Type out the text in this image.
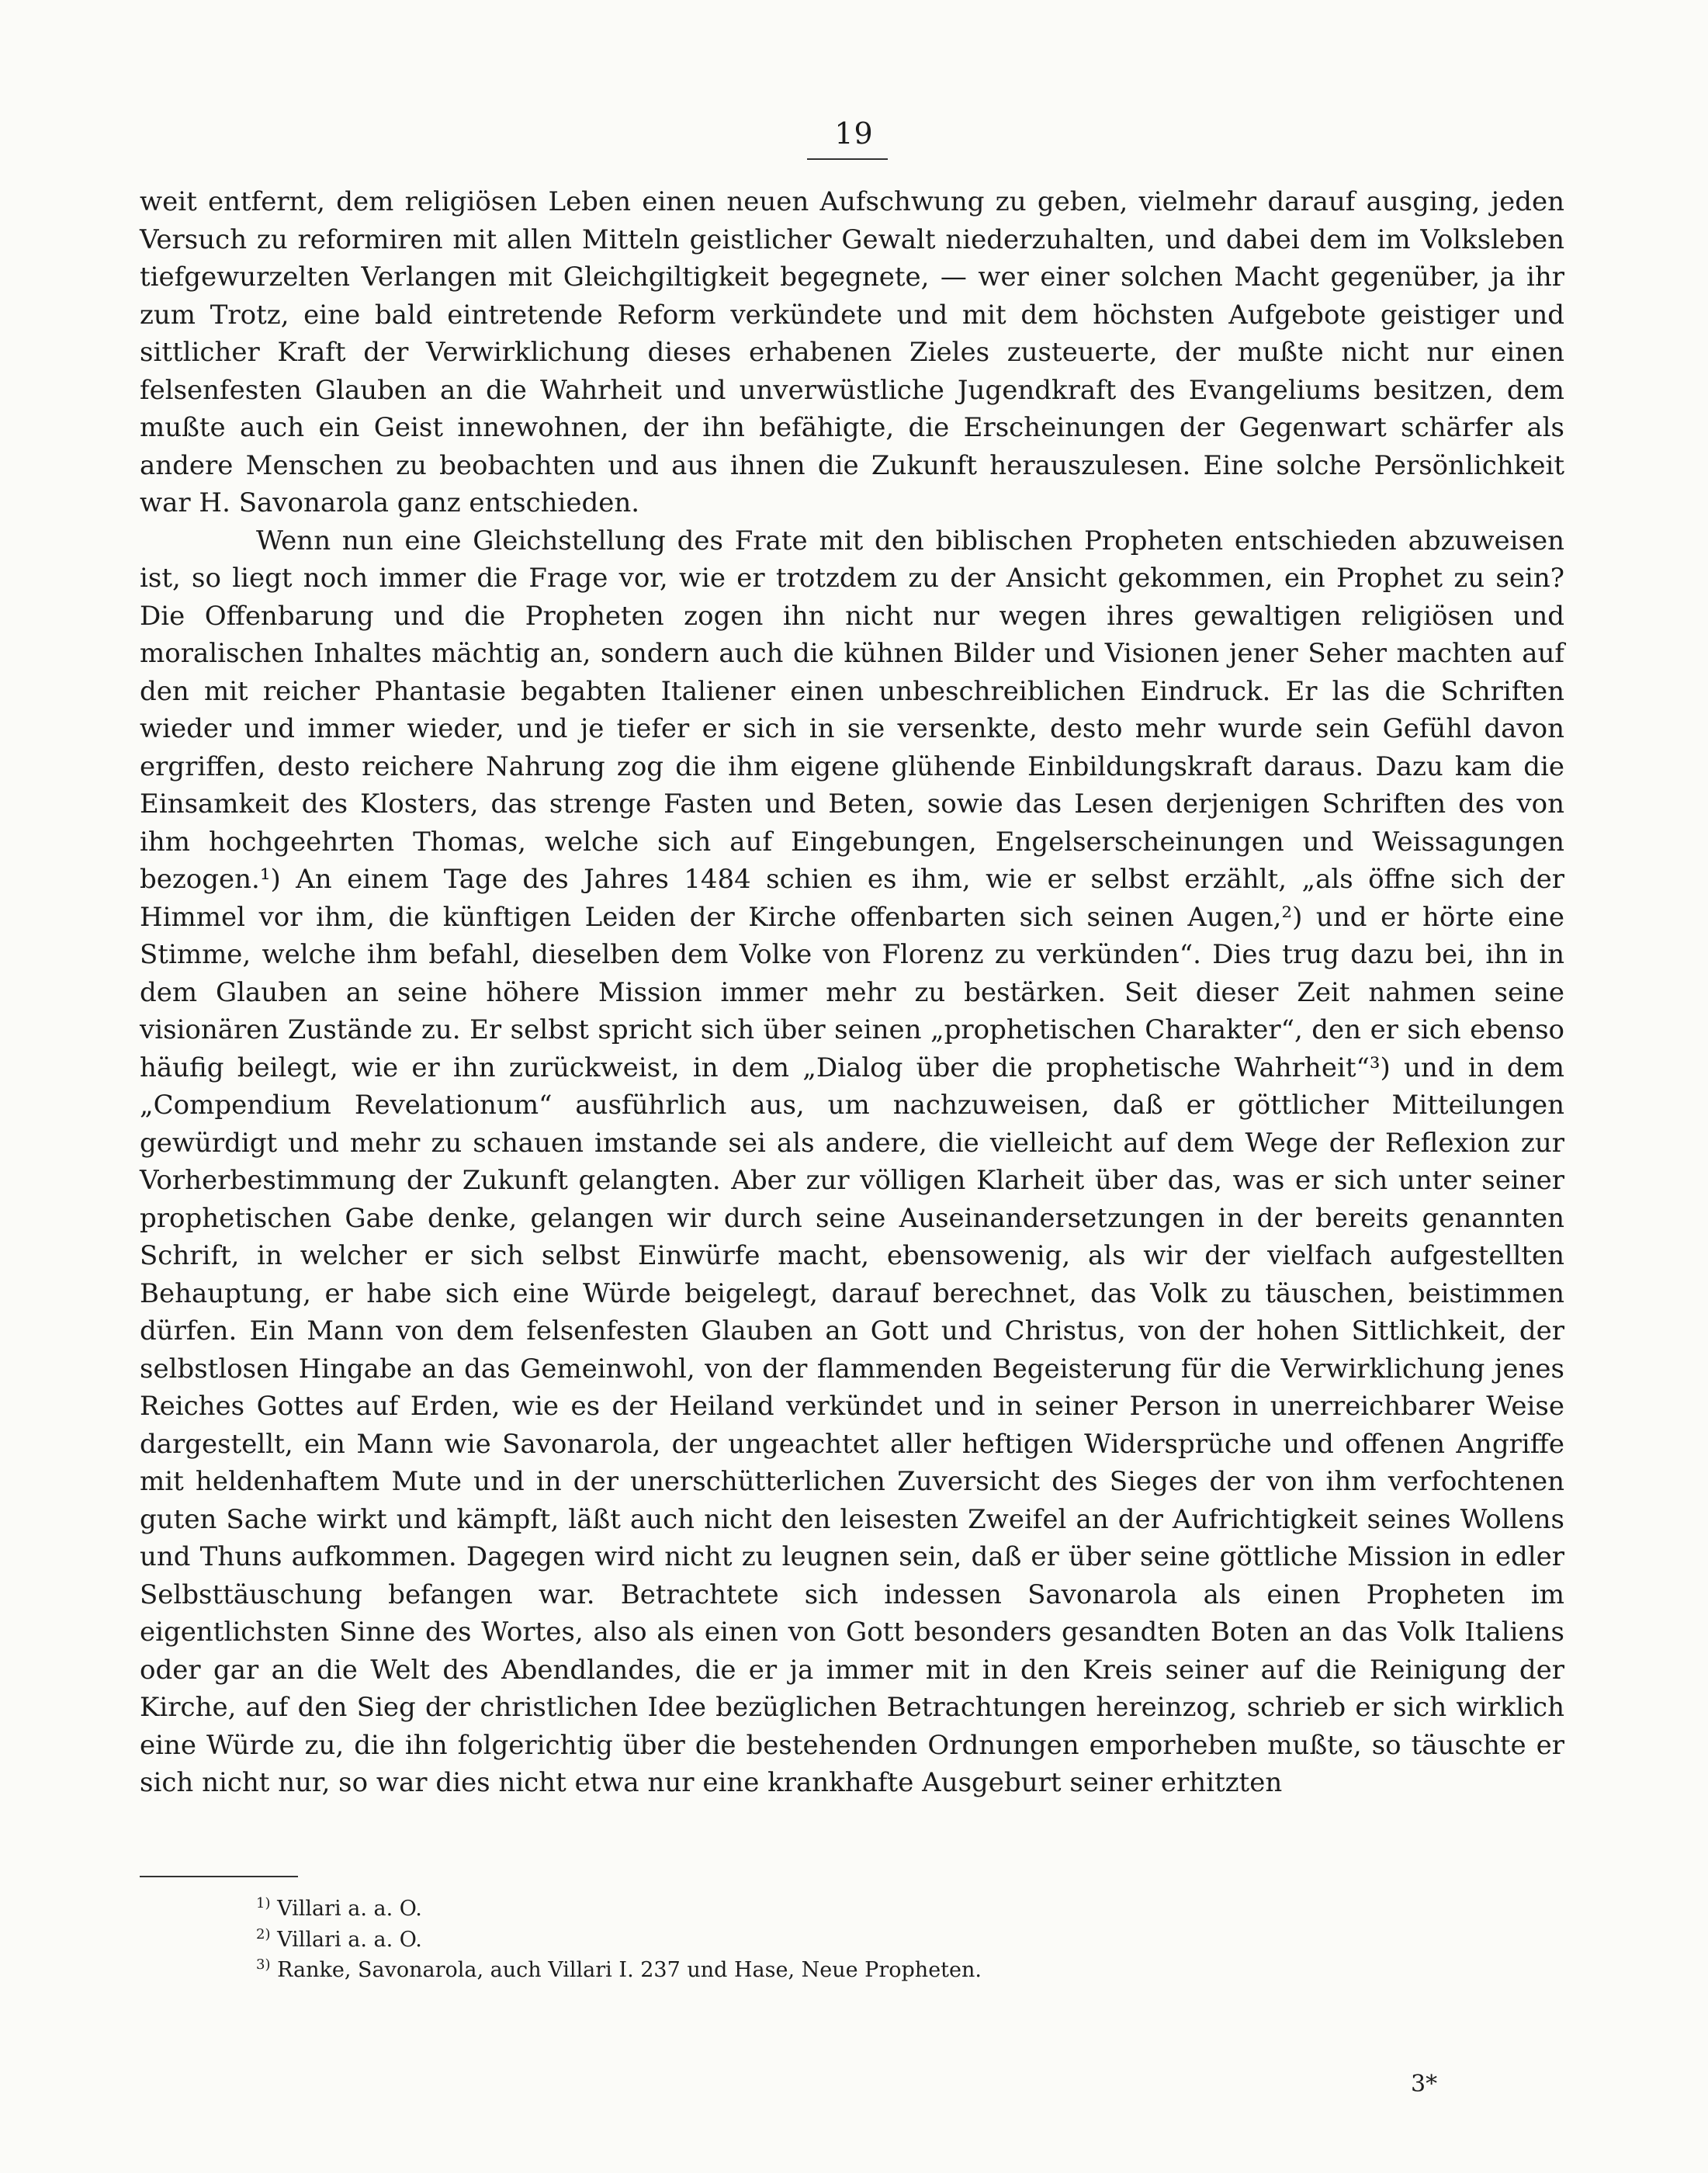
19

weit entfernt, dem religiösen Leben einen neuen Aufschwung zu geben, vielmehr darauf ausging, jeden Versuch zu reformiren mit allen Mitteln geistlicher Gewalt niederzuhalten, und dabei dem im Volksleben tiefgewurzelten Verlangen mit Gleichgiltigkeit begegnete, — wer einer solchen Macht gegenüber, ja ihr zum Trotz, eine bald eintretende Reform verkündete und mit dem höchsten Aufgebote geistiger und sittlicher Kraft der Verwirklichung dieses erhabenen Zieles zusteuerte, der mußte nicht nur einen felsenfesten Glauben an die Wahrheit und unverwüstliche Jugendkraft des Evangeliums besitzen, dem mußte auch ein Geist innewohnen, der ihn befähigte, die Erscheinungen der Gegenwart schärfer als andere Menschen zu beobachten und aus ihnen die Zukunft herauszulesen. Eine solche Persönlichkeit war H. Savonarola ganz entschieden.

Wenn nun eine Gleichstellung des Frate mit den biblischen Propheten entschieden abzuweisen ist, so liegt noch immer die Frage vor, wie er trotzdem zu der Ansicht gekommen, ein Prophet zu sein? Die Offenbarung und die Propheten zogen ihn nicht nur wegen ihres gewaltigen religiösen und moralischen Inhaltes mächtig an, sondern auch die kühnen Bilder und Visionen jener Seher machten auf den mit reicher Phantasie begabten Italiener einen unbeschreiblichen Eindruck. Er las die Schriften wieder und immer wieder, und je tiefer er sich in sie versenkte, desto mehr wurde sein Gefühl davon ergriffen, desto reichere Nahrung zog die ihm eigene glühende Einbildungskraft daraus. Dazu kam die Einsamkeit des Klosters, das strenge Fasten und Beten, sowie das Lesen derjenigen Schriften des von ihm hochgeehrten Thomas, welche sich auf Eingebungen, Engelserscheinungen und Weissagungen bezogen.¹) An einem Tage des Jahres 1484 schien es ihm, wie er selbst erzählt, „als öffne sich der Himmel vor ihm, die künftigen Leiden der Kirche offenbarten sich seinen Augen,²) und er hörte eine Stimme, welche ihm befahl, dieselben dem Volke von Florenz zu verkünden“. Dies trug dazu bei, ihn in dem Glauben an seine höhere Mission immer mehr zu bestärken. Seit dieser Zeit nahmen seine visionären Zustände zu. Er selbst spricht sich über seinen „prophetischen Charakter“, den er sich ebenso häufig beilegt, wie er ihn zurückweist, in dem „Dialog über die prophetische Wahrheit“³) und in dem „Compendium Revelationum“ ausführlich aus, um nachzuweisen, daß er göttlicher Mitteilungen gewürdigt und mehr zu schauen imstande sei als andere, die vielleicht auf dem Wege der Reflexion zur Vorherbestimmung der Zukunft gelangten. Aber zur völligen Klarheit über das, was er sich unter seiner prophetischen Gabe denke, gelangen wir durch seine Auseinandersetzungen in der bereits genannten Schrift, in welcher er sich selbst Einwürfe macht, ebensowenig, als wir der vielfach aufgestellten Behauptung, er habe sich eine Würde beigelegt, darauf berechnet, das Volk zu täuschen, beistimmen dürfen. Ein Mann von dem felsenfesten Glauben an Gott und Christus, von der hohen Sittlichkeit, der selbstlosen Hingabe an das Gemeinwohl, von der flammenden Begeisterung für die Verwirklichung jenes Reiches Gottes auf Erden, wie es der Heiland verkündet und in seiner Person in unerreichbarer Weise dargestellt, ein Mann wie Savonarola, der ungeachtet aller heftigen Widersprüche und offenen Angriffe mit heldenhaftem Mute und in der unerschütterlichen Zuversicht des Sieges der von ihm verfochtenen guten Sache wirkt und kämpft, läßt auch nicht den leisesten Zweifel an der Aufrichtigkeit seines Wollens und Thuns aufkommen. Dagegen wird nicht zu leugnen sein, daß er über seine göttliche Mission in edler Selbsttäuschung befangen war. Betrachtete sich indessen Savonarola als einen Propheten im eigentlichsten Sinne des Wortes, also als einen von Gott besonders gesandten Boten an das Volk Italiens oder gar an die Welt des Abendlandes, die er ja immer mit in den Kreis seiner auf die Reinigung der Kirche, auf den Sieg der christlichen Idee bezüglichen Betrachtungen hereinzog, schrieb er sich wirklich eine Würde zu, die ihn folgerichtig über die bestehenden Ordnungen emporheben mußte, so täuschte er sich nicht nur, so war dies nicht etwa nur eine krankhafte Ausgeburt seiner erhitzten

$^{1)}$ Villari a. a. O.
$^{2)}$ Villari a. a. O.
$^{3)}$ Ranke, Savonarola, auch Villari I. 237 und Hase, Neue Propheten.
3*
